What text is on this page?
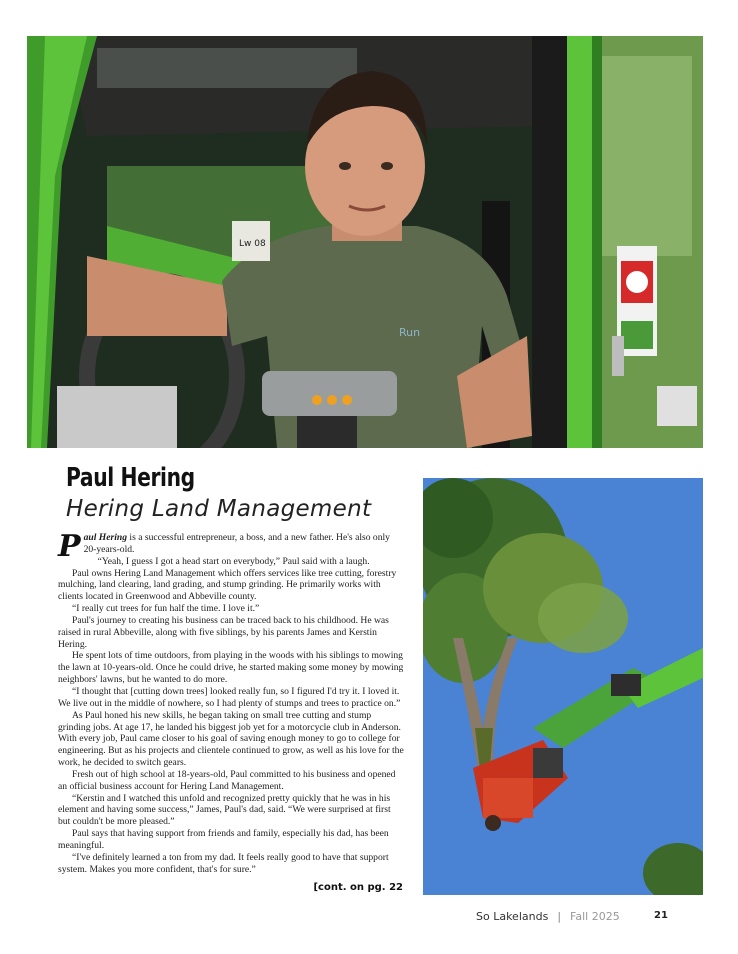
Run
Lw 08
Paul Hering
Hering Land Management

Paul Hering is a successful entrepreneur, a boss, and a new father. He's also only 20-years-old.

“Yeah, I guess I got a head start on everybody,” Paul said with a laugh.

Paul owns Hering Land Management which offers services like tree cutting, forestry mulching, land clearing, land grading, and stump grinding. He primarily works with clients located in Greenwood and Abbeville county.

“I really cut trees for fun half the time. I love it.”

Paul's journey to creating his business can be traced back to his childhood. He was raised in rural Abbeville, along with five siblings, by his parents James and Kerstin Hering.

He spent lots of time outdoors, from playing in the woods with his siblings to mowing the lawn at 10-years-old. Once he could drive, he started making some money by mowing neighbors' lawns, but he wanted to do more.

“I thought that [cutting down trees] looked really fun, so I figured I'd try it. I loved it. We live out in the middle of nowhere, so I had plenty of stumps and trees to practice on.”

As Paul honed his new skills, he began taking on small tree cutting and stump grinding jobs. At age 17, he landed his biggest job yet for a motorcycle club in Anderson. With every job, Paul came closer to his goal of saving enough money to go to college for engineering. But as his projects and clientele continued to grow, as well as his love for the work, he decided to switch gears.

Fresh out of high school at 18-years-old, Paul committed to his business and opened an official business account for Hering Land Management.

“Kerstin and I watched this unfold and recognized pretty quickly that he was in his element and having some success,” James, Paul's dad, said. “We were surprised at first but couldn't be more pleased.”

Paul says that having support from friends and family, especially his dad, has been meaningful.

“I've definitely learned a ton from my dad. It feels really good to have that support system. Makes you more confident, that's for sure.”

[cont. on pg. 22
So Lakelands | Fall 2025	21
